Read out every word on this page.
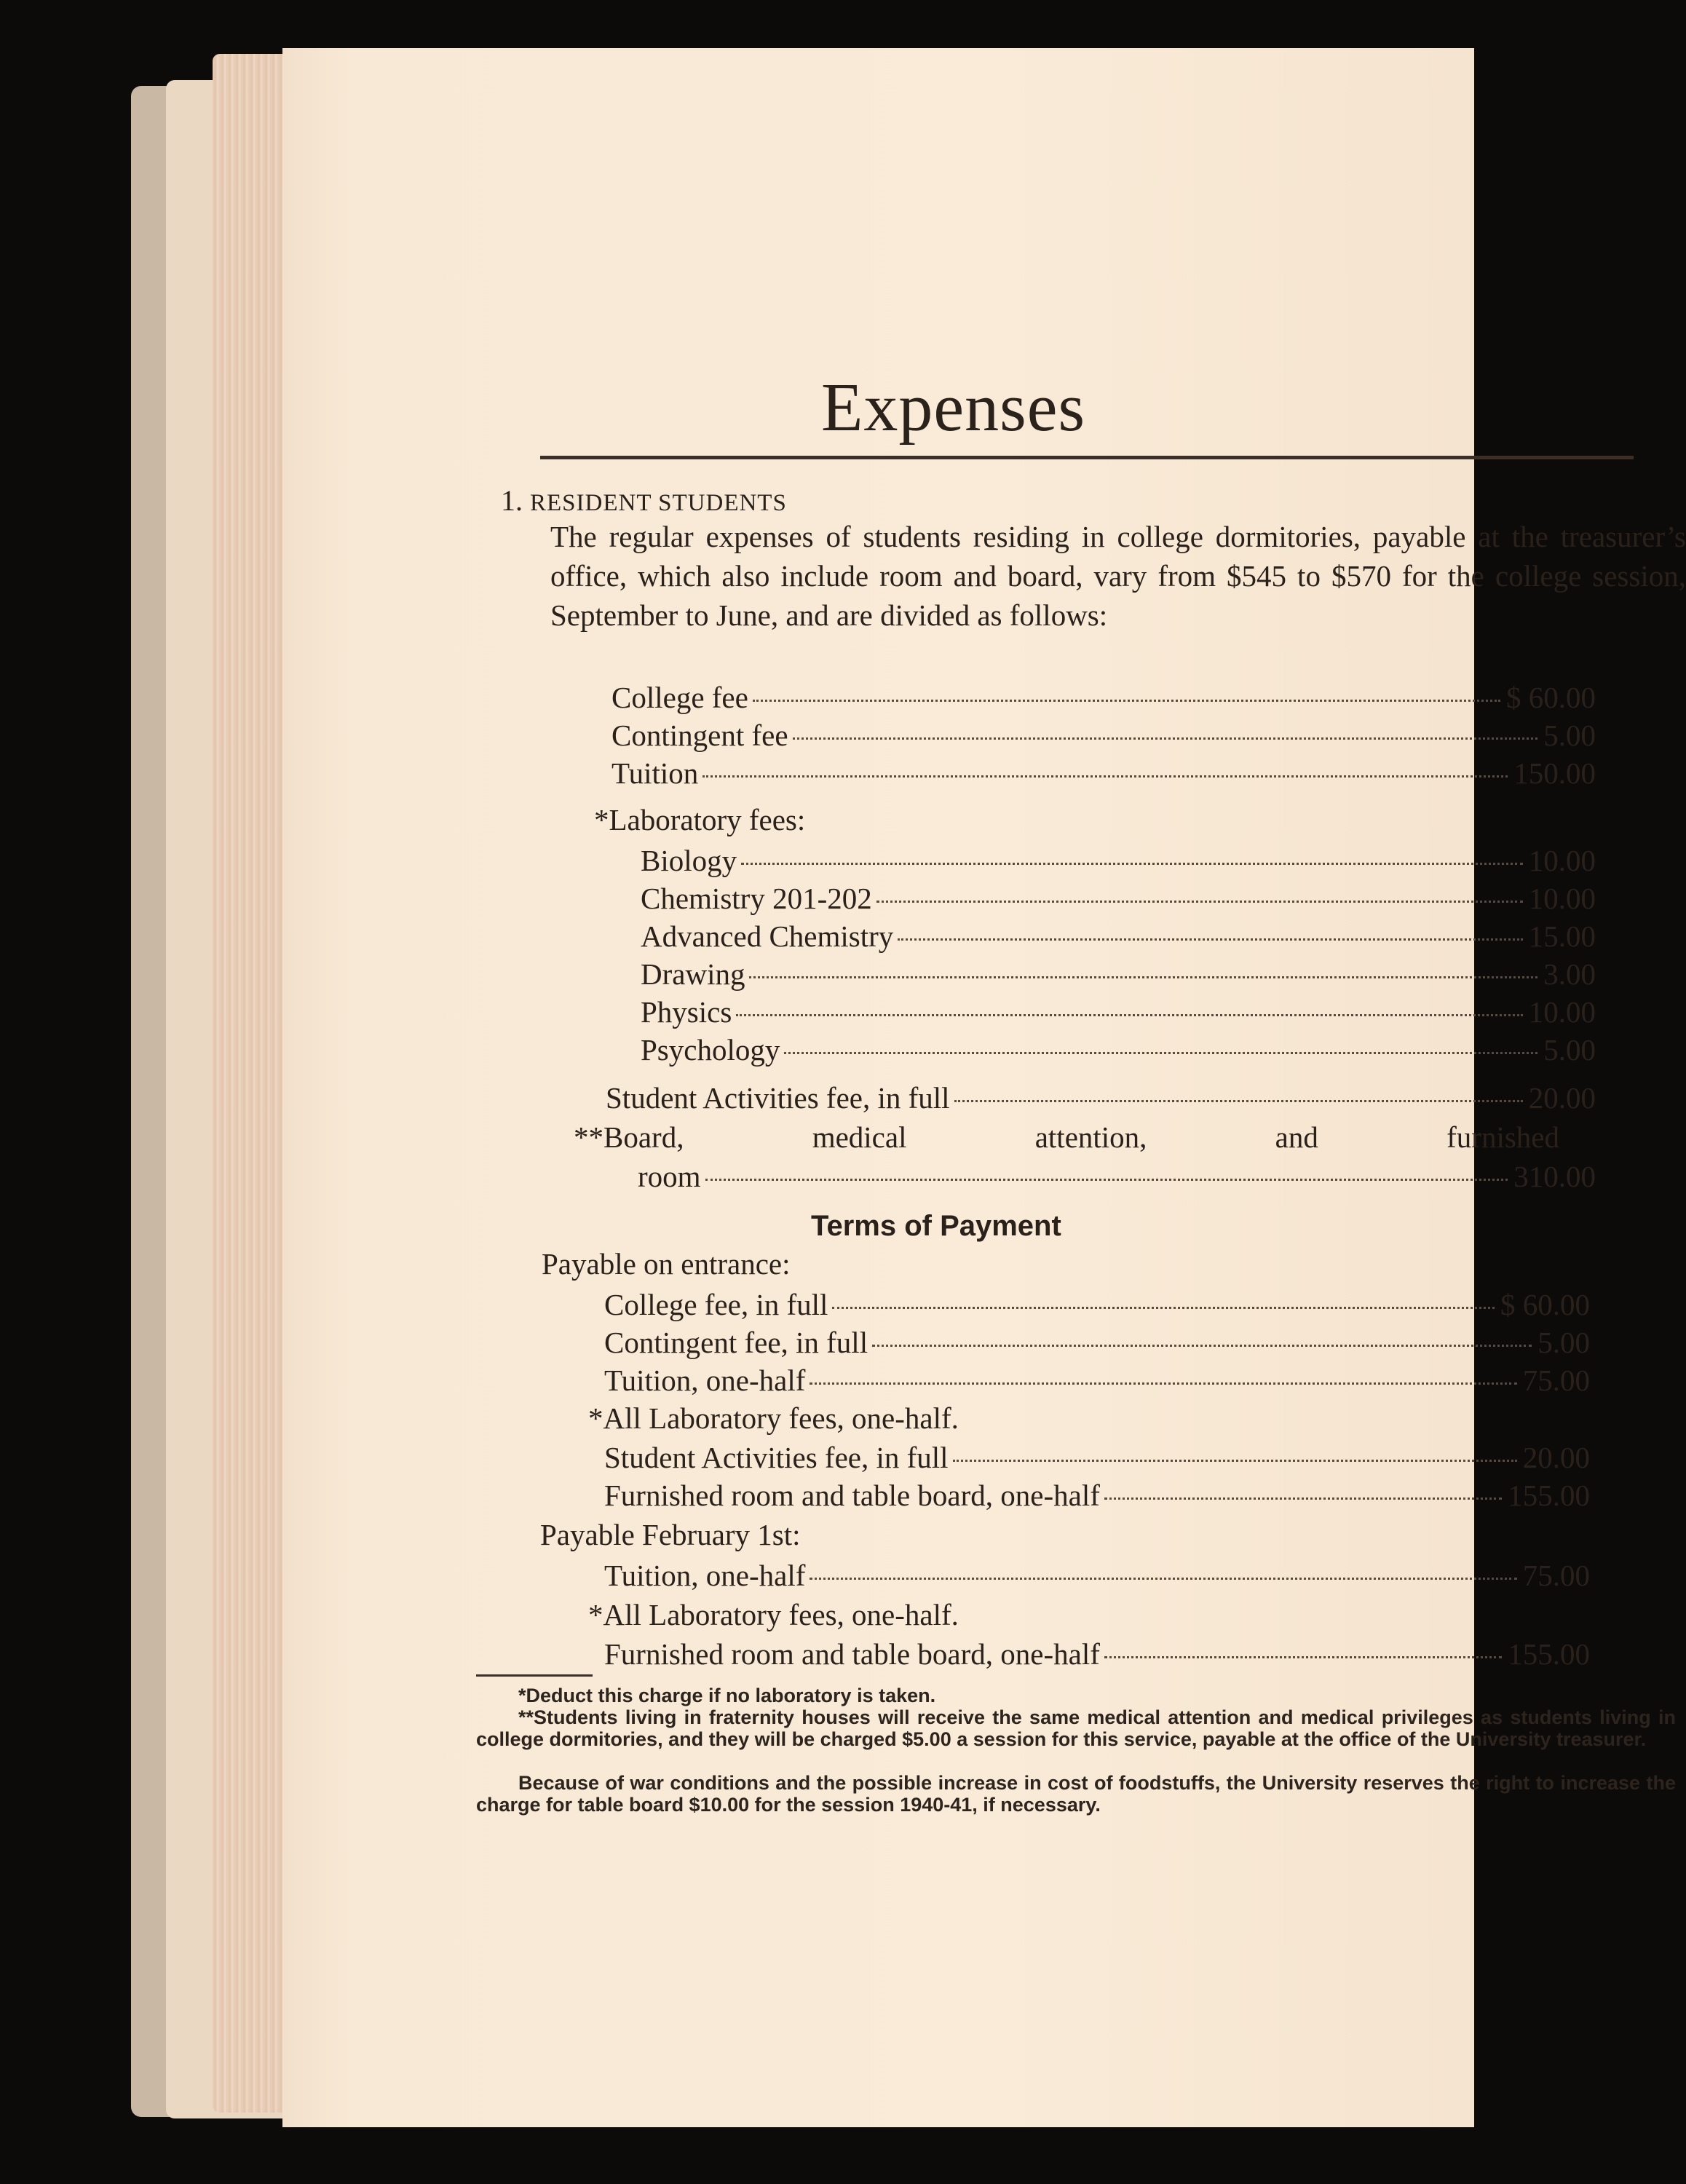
Expenses
1. RESIDENT STUDENTS
The regular expenses of students residing in college dormitories, payable at the treasurer’s office, which also include room and board, vary from $545 to $570 for the college session, September to June, and are divided as follows:
College fee	$ 60.00
Contingent fee	5.00
Tuition	150.00
*Laboratory fees:
Biology	10.00
Chemistry 201-202	10.00
Advanced Chemistry	15.00
Drawing	3.00
Physics	10.00
Psychology	5.00
Student Activities fee, in full	20.00
**Board, medical attention, and furnished
room	310.00
Terms of Payment
Payable on entrance:
College fee, in full	$ 60.00
Contingent fee, in full	5.00
Tuition, one-half	75.00
*All Laboratory fees, one-half.
Student Activities fee, in full	20.00
Furnished room and table board, one-half	155.00
Payable February 1st:
Tuition, one-half	75.00
*All Laboratory fees, one-half.
Furnished room and table board, one-half	155.00
*Deduct this charge if no laboratory is taken.
**Students living in fraternity houses will receive the same medical attention and medical privileges as students living in college dormitories, and they will be charged $5.00 a session for this service, payable at the office of the University treasurer.
Because of war conditions and the possible increase in cost of foodstuffs, the University reserves the right to increase the charge for table board $10.00 for the session 1940-41, if necessary.
